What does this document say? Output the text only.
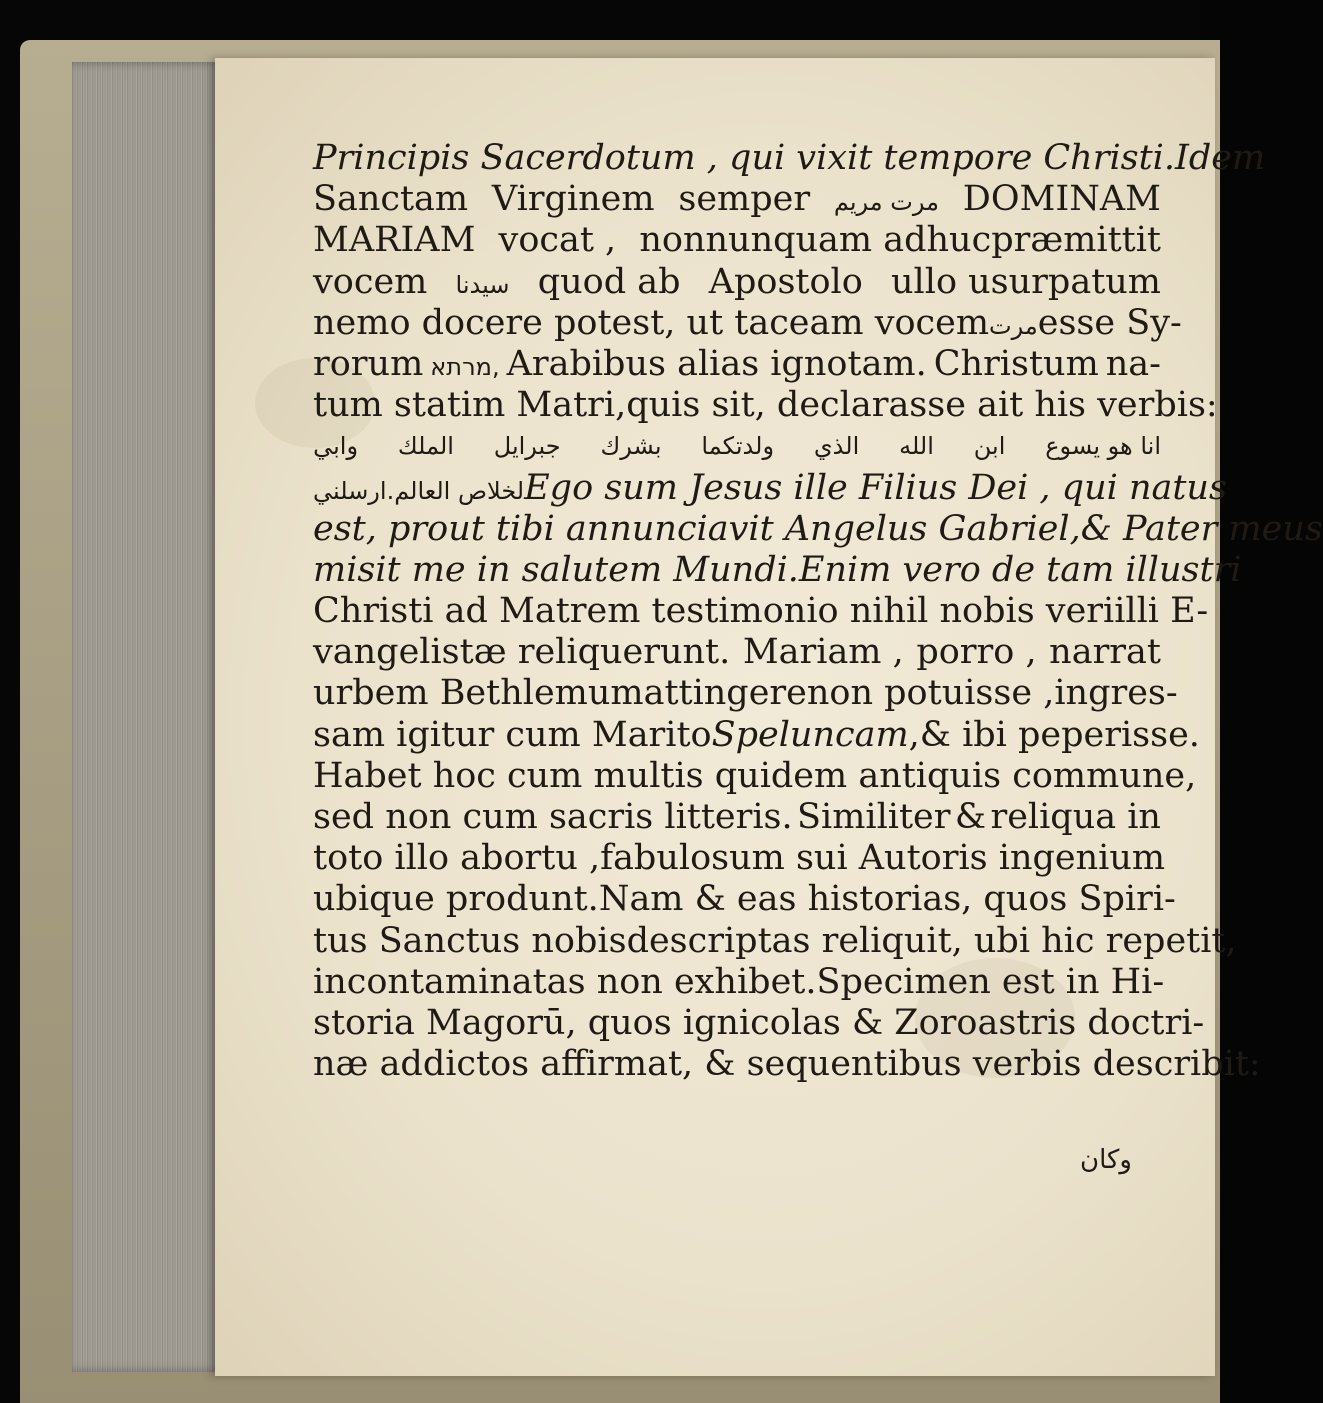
Principis Sacerdotum , qui vixit tempore Christi. Idem
Sanctam Virginem semper مرت مريم DOMINAM
MARIAM vocat , nonnunquam adhucpræmittit
vocem سيدنا quod ab Apostolo ullo usurpatum
nemo docere potest, ut taceam vocem مرت esse Sy-
rorum מרתא, Arabibus alias ignotam. Christum na-
tum statim Matri , quis sit, declarasse ait his verbis:
انا هو يسوع
ابن
الله
الذي
ولدتكما
بشرك
جبرايل
الملك
وابي
ارسلني لخلاص العالم. Ego sum Jesus ille Filius Dei , qui natus
est, prout tibi annunciavit Angelus Gabriel , & Pater meus
misit me in salutem Mundi. Enim vero de tam illustri
Christi ad Matrem testimonio nihil nobis veri illi E-
vangelistæ reliquerunt. Mariam , porro , narrat
urbem Bethlemum attingere non potuisse , ingres-
sam igitur cum Marito Speluncam , & ibi peperisse.
Habet hoc cum multis quidem antiquis commune,
sed non cum sacris litteris. Similiter & reliqua in
toto illo abortu , fabulosum sui Autoris ingenium
ubique produnt. Nam & eas historias, quos Spiri-
tus Sanctus nobis descriptas reliquit, ubi hic repetit,
incontaminatas non exhibet. Specimen est in Hi-
storia Magorū, quos ignicolas & Zoroastris doctri-
næ addictos affirmat, & sequentibus verbis describit:
وكان
